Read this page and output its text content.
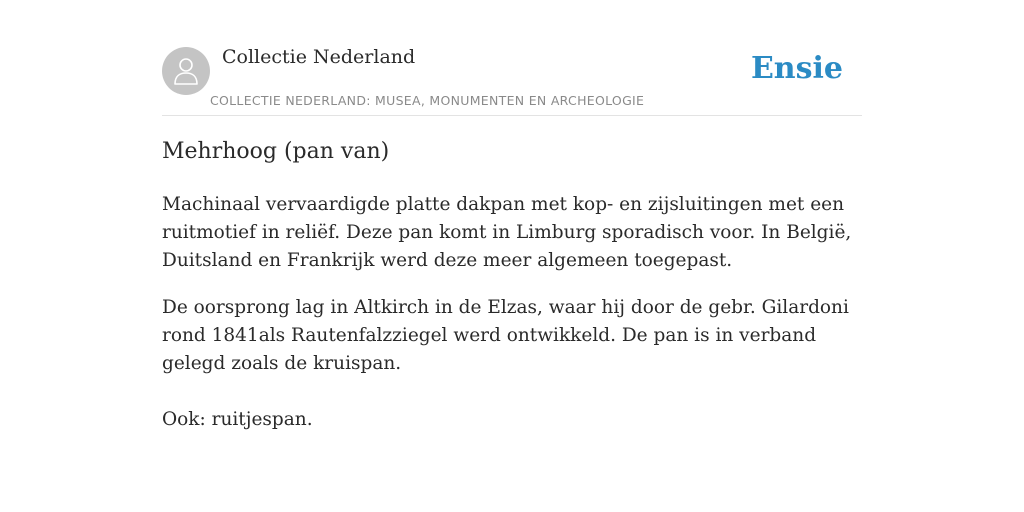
Collectie Nederland
COLLECTIE NEDERLAND: MUSEA, MONUMENTEN EN ARCHEOLOGIE
Ensie
Mehrhoog (pan van)

Machinaal vervaardigde platte dakpan met kop- en zijsluitingen met een ruitmotief in reliëf. Deze pan komt in Limburg sporadisch voor. In België, Duitsland en Frankrijk werd deze meer algemeen toegepast.

De oorsprong lag in Altkirch in de Elzas, waar hij door de gebr. Gilardoni rond 1841als Rautenfalzziegel werd ontwikkeld. De pan is in verband gelegd zoals de kruispan.

Ook: ruitjespan.
